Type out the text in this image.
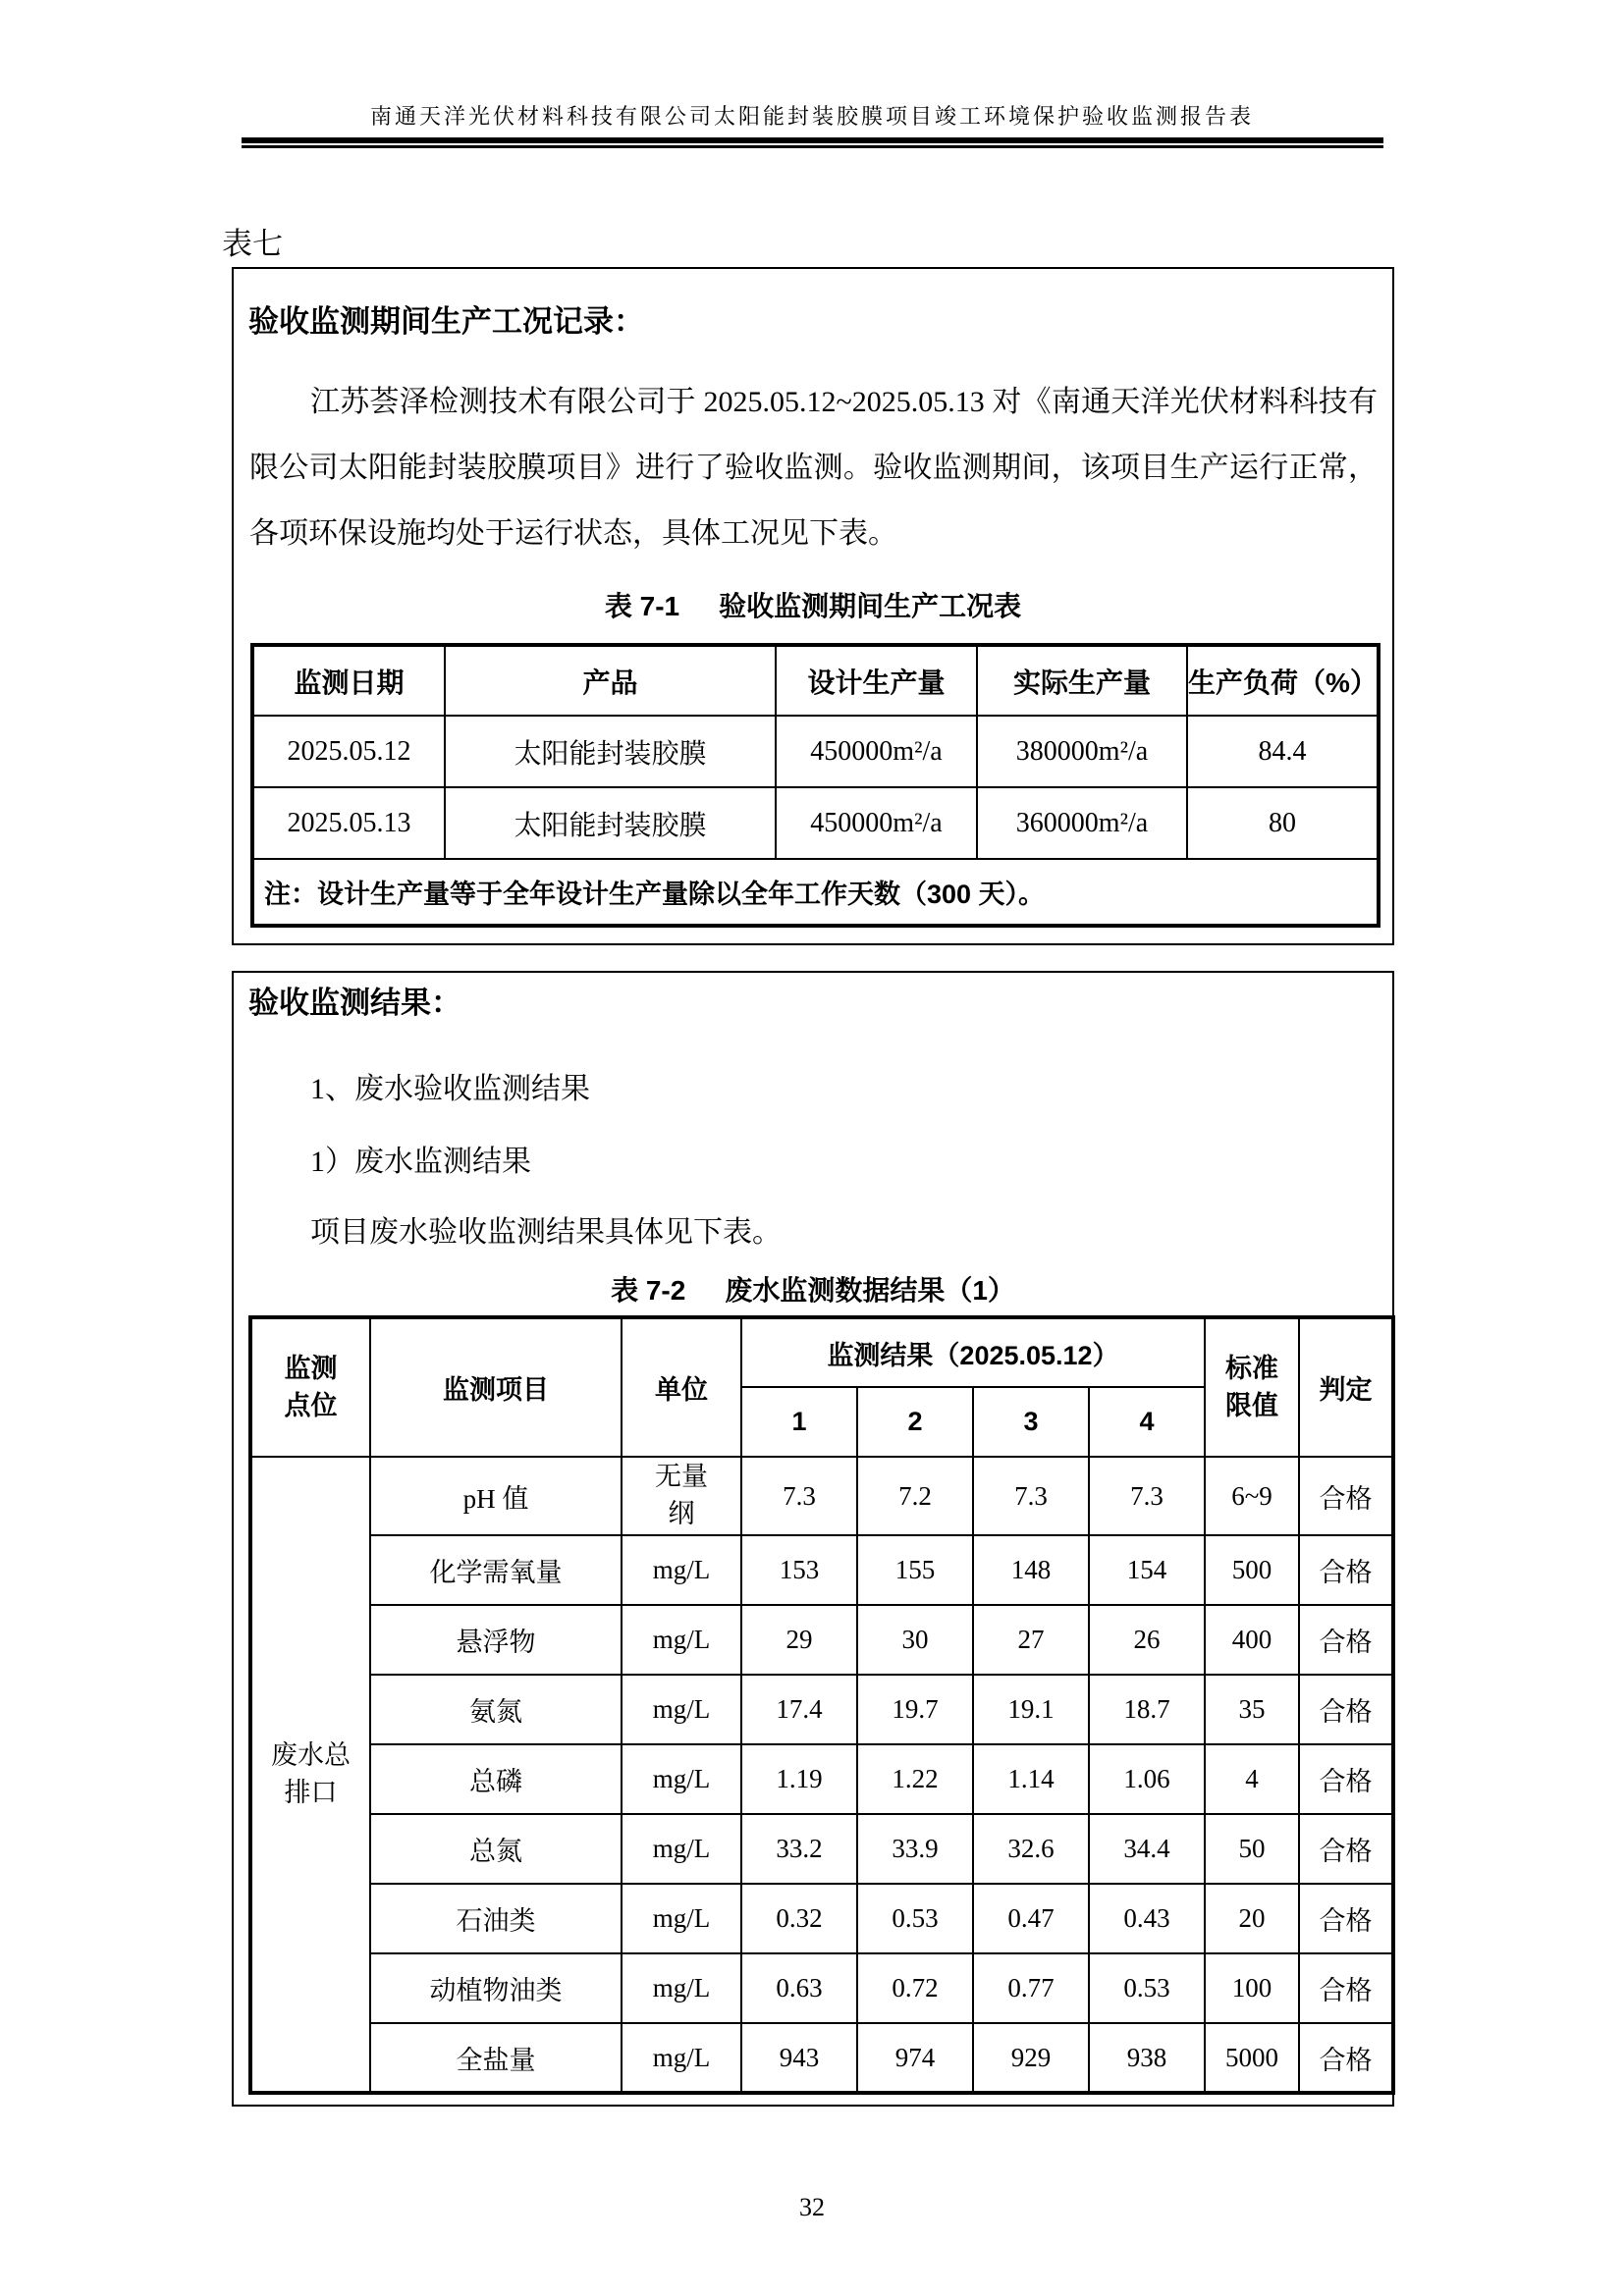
南通天洋光伏材料科技有限公司太阳能封装胶膜项目竣工环境保护验收监测报告表
表七
验收监测期间生产工况记录：
江苏荟泽检测技术有限公司于 2025.05.12~2025.05.13 对《南通天洋光伏材料科技有限公司太阳能封装胶膜项目》进行了验收监测。验收监测期间，该项目生产运行正常，各项环保设施均处于运行状态，具体工况见下表。
表 7-1 验收监测期间生产工况表
监测日期	产品	设计生产量	实际生产量	生产负荷（%）
2025.05.12	太阳能封装胶膜	450000m²/a	380000m²/a	84.4
2025.05.13	太阳能封装胶膜	450000m²/a	360000m²/a	80
注：设计生产量等于全年设计生产量除以全年工作天数（300 天）。				
验收监测结果：
1、废水验收监测结果
1）废水监测结果
项目废水验收监测结果具体见下表。
表 7-2 废水监测数据结果（1）
监测点位	监测项目	单位	监测结果（2025.05.12）				标准限值	判定
			1	2	3	4		
废水总排口	pH 值	无量纲	7.3	7.2	7.3	7.3	6~9	合格
	化学需氧量	mg/L	153	155	148	154	500	合格
	悬浮物	mg/L	29	30	27	26	400	合格
	氨氮	mg/L	17.4	19.7	19.1	18.7	35	合格
	总磷	mg/L	1.19	1.22	1.14	1.06	4	合格
	总氮	mg/L	33.2	33.9	32.6	34.4	50	合格
	石油类	mg/L	0.32	0.53	0.47	0.43	20	合格
	动植物油类	mg/L	0.63	0.72	0.77	0.53	100	合格
	全盐量	mg/L	943	974	929	938	5000	合格
32
